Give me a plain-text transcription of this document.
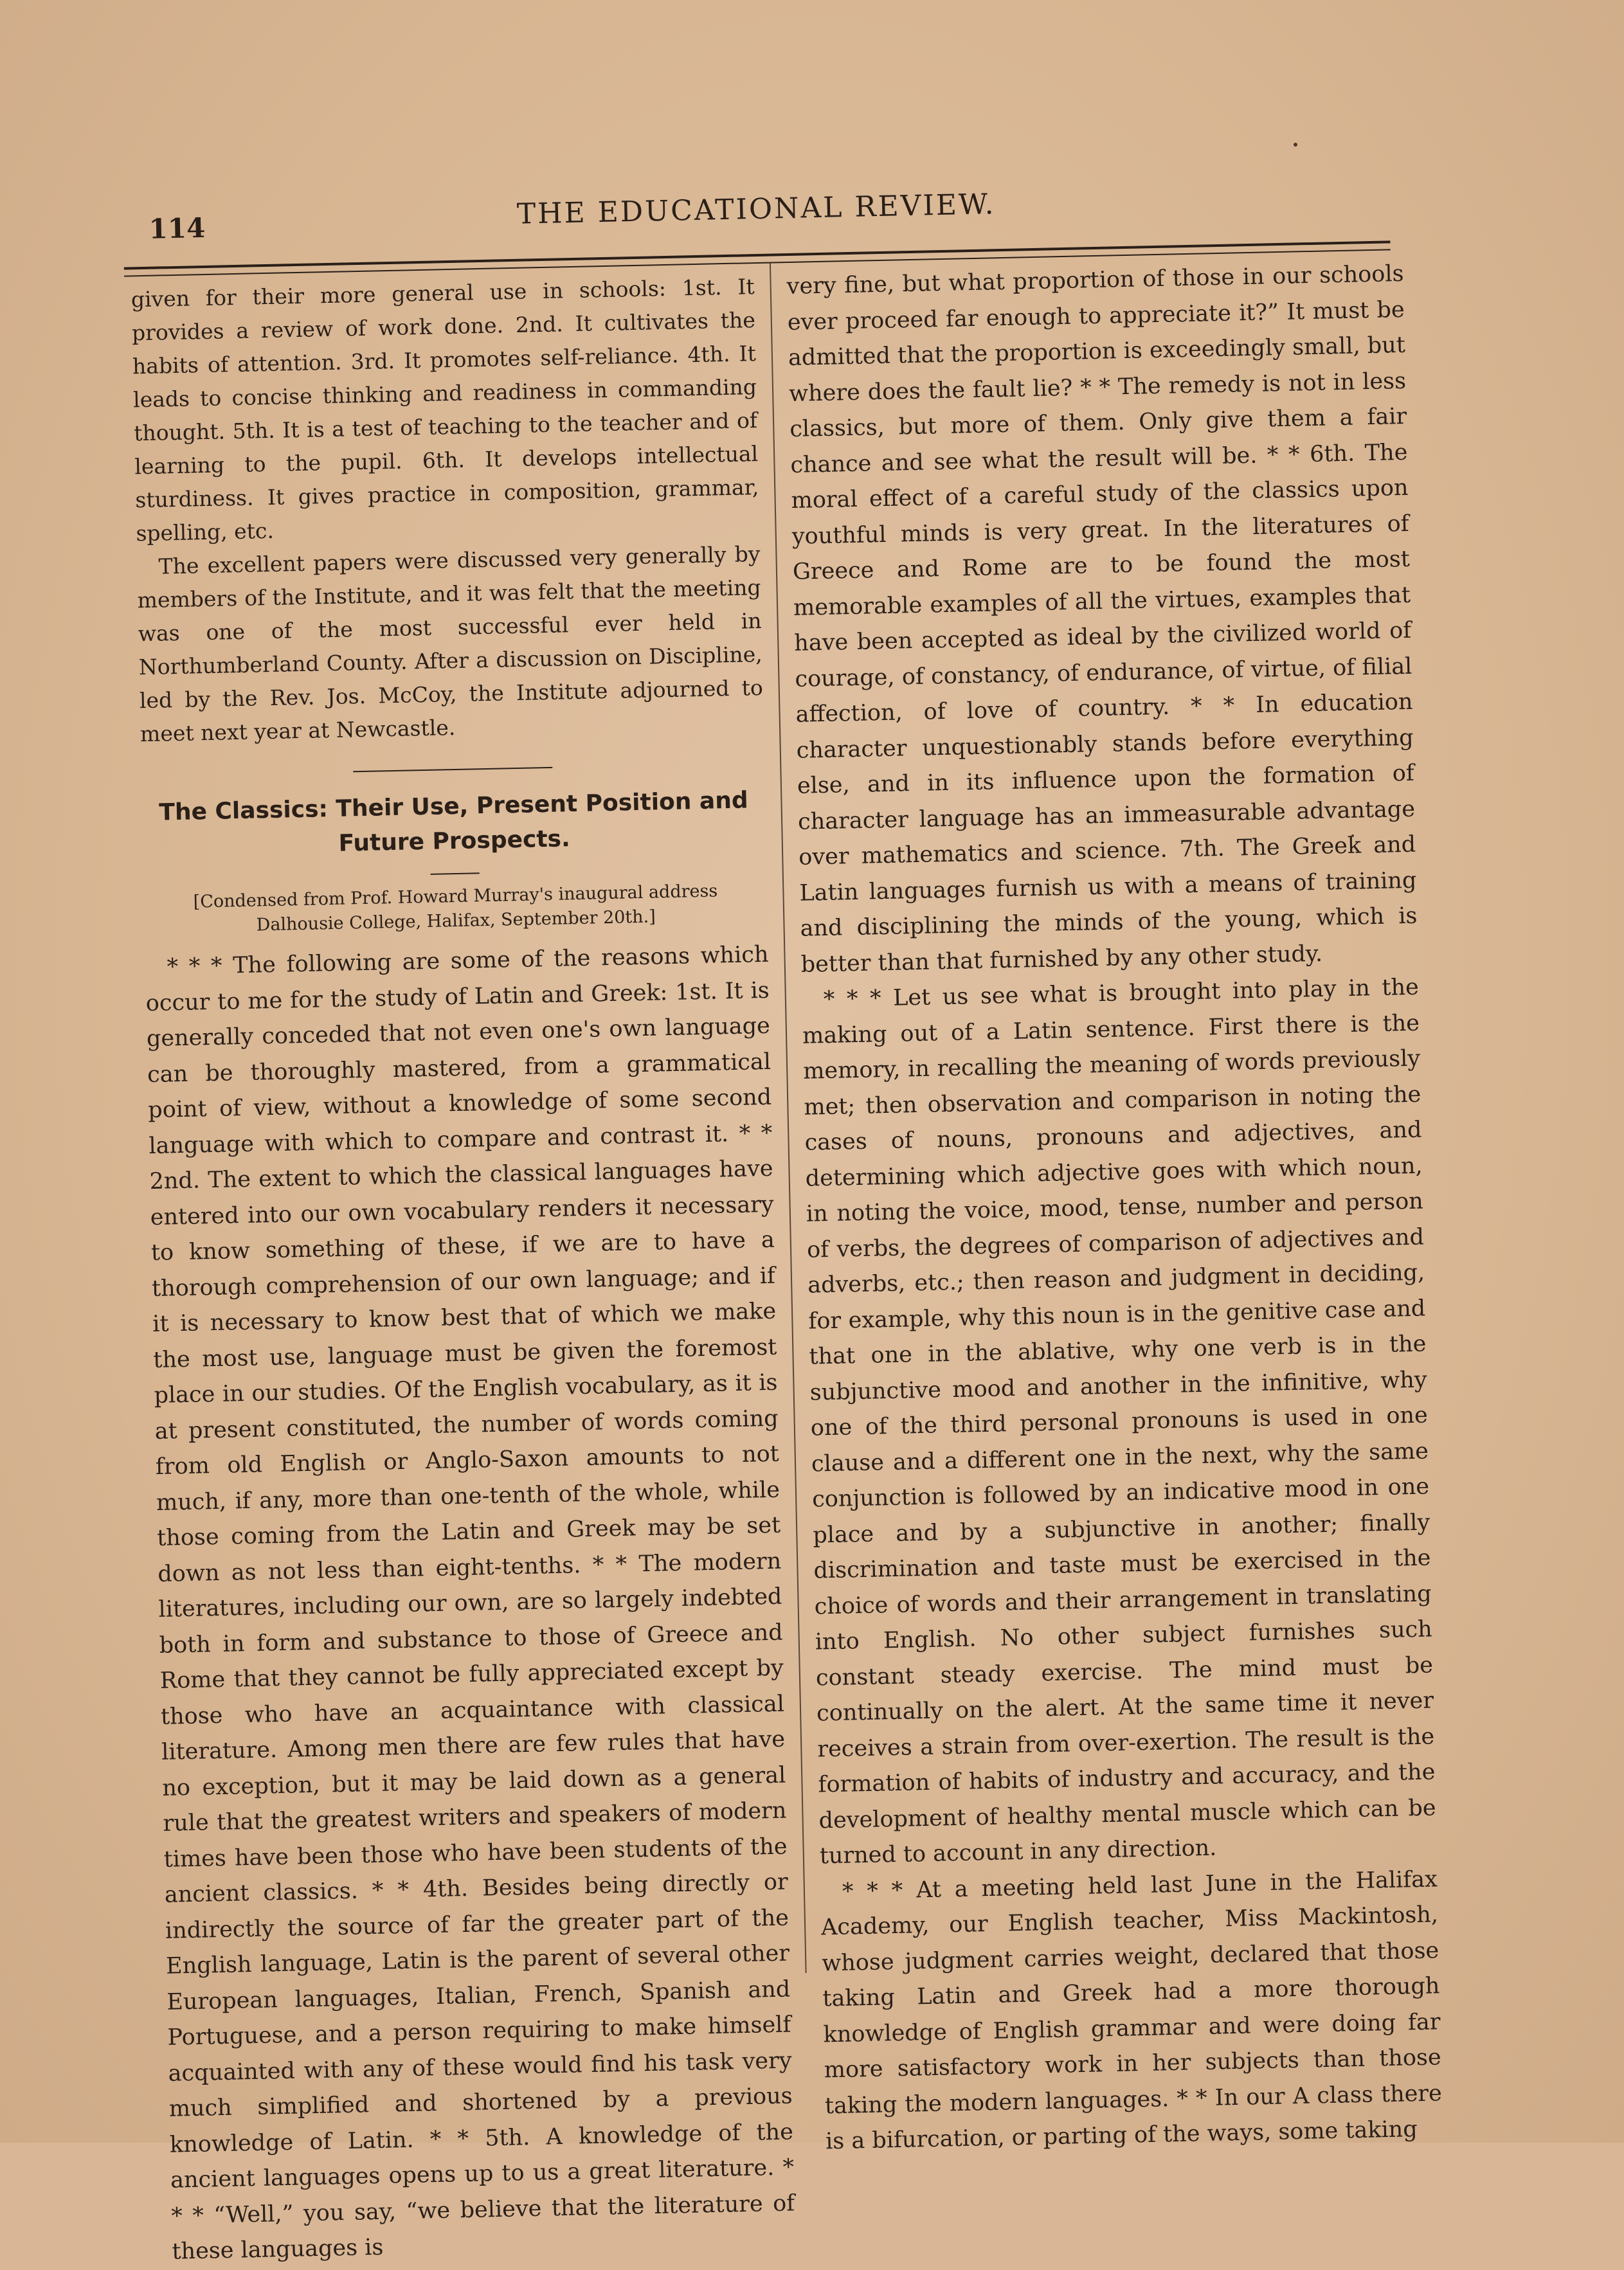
114	THE EDUCATIONAL REVIEW.

given for their more general use in schools: 1st. It provides a review of work done. 2nd. It cultivates the habits of attention. 3rd. It promotes self-reliance. 4th. It leads to concise thinking and readiness in commanding thought. 5th. It is a test of teaching to the teacher and of learning to the pupil. 6th. It develops intellectual sturdiness. It gives practice in composition, grammar, spelling, etc.

The excellent papers were discussed very generally by members of the Institute, and it was felt that the meeting was one of the most successful ever held in Northumberland County. After a discussion on Discipline, led by the Rev. Jos. McCoy, the Institute adjourned to meet next year at Newcastle.

The Classics: Their Use, Present Position and Future Prospects.

[Condensed from Prof. Howard Murray's inaugural address Dalhousie College, Halifax, September 20th.]

* * * The following are some of the reasons which occur to me for the study of Latin and Greek: 1st. It is generally conceded that not even one's own language can be thoroughly mastered, from a grammatical point of view, without a knowledge of some second language with which to compare and contrast it. * * 2nd. The extent to which the classical languages have entered into our own vocabulary renders it necessary to know something of these, if we are to have a thorough comprehension of our own language; and if it is necessary to know best that of which we make the most use, language must be given the foremost place in our studies. Of the English vocabulary, as it is at present constituted, the number of words coming from old English or Anglo-Saxon amounts to not much, if any, more than one-tenth of the whole, while those coming from the Latin and Greek may be set down as not less than eight-tenths. * * The modern literatures, including our own, are so largely indebted both in form and substance to those of Greece and Rome that they cannot be fully appreciated except by those who have an acquaintance with classical literature. Among men there are few rules that have no exception, but it may be laid down as a general rule that the greatest writers and speakers of modern times have been those who have been students of the ancient classics. * * 4th. Besides being directly or indirectly the source of far the greater part of the English language, Latin is the parent of several other European languages, Italian, French, Spanish and Portuguese, and a person requiring to make himself acquainted with any of these would find his task very much simplified and shortened by a previous knowledge of Latin. * * 5th. A knowledge of the ancient languages opens up to us a great literature. * * * “Well,” you say, “we believe that the literature of these languages is

very fine, but what proportion of those in our schools ever proceed far enough to appreciate it?” It must be admitted that the proportion is exceedingly small, but where does the fault lie? * * The remedy is not in less classics, but more of them. Only give them a fair chance and see what the result will be. * * 6th. The moral effect of a careful study of the classics upon youthful minds is very great. In the literatures of Greece and Rome are to be found the most memorable examples of all the virtues, examples that have been accepted as ideal by the civilized world of courage, of constancy, of endurance, of virtue, of filial affection, of love of country. * * In education character unquestionably stands before everything else, and in its influence upon the formation of character language has an immeasurable advantage over mathematics and science. 7th. The Greek and Latin languages furnish us with a means of training and disciplining the minds of the young, which is better than that furnished by any other study.

* * * Let us see what is brought into play in the making out of a Latin sentence. First there is the memory, in recalling the meaning of words previously met; then observation and comparison in noting the cases of nouns, pronouns and adjectives, and determining which adjective goes with which noun, in noting the voice, mood, tense, number and person of verbs, the degrees of comparison of adjectives and adverbs, etc.; then reason and judgment in deciding, for example, why this noun is in the genitive case and that one in the ablative, why one verb is in the subjunctive mood and another in the infinitive, why one of the third personal pronouns is used in one clause and a different one in the next, why the same conjunction is followed by an indicative mood in one place and by a subjunctive in another; finally discrimination and taste must be exercised in the choice of words and their arrangement in translating into English. No other subject furnishes such constant steady exercise. The mind must be continually on the alert. At the same time it never receives a strain from over-exertion. The result is the formation of habits of industry and accuracy, and the development of healthy mental muscle which can be turned to account in any direction.

* * * At a meeting held last June in the Halifax Academy, our English teacher, Miss Mackintosh, whose judgment carries weight, declared that those taking Latin and Greek had a more thorough knowledge of English grammar and were doing far more satisfactory work in her subjects than those taking the modern languages. * * In our A class there is a bifurcation, or parting of the ways, some taking
